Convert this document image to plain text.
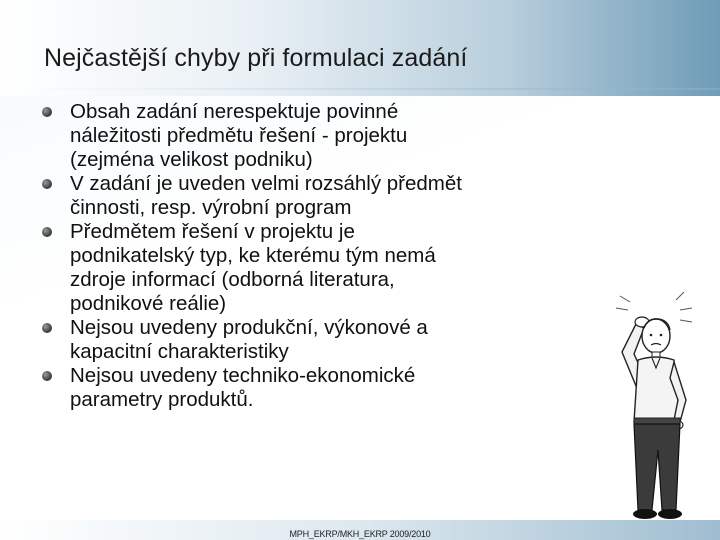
Nejčastější chyby při formulaci zadání
Obsah zadání nerespektuje povinné
náležitosti předmětu řešení - projektu
(zejména velikost podniku)
V zadání je uveden velmi rozsáhlý předmět
činnosti, resp. výrobní program
Předmětem řešení v projektu je
podnikatelský typ, ke kterému tým nemá
zdroje informací (odborná literatura,
podnikové reálie)
Nejsou uvedeny produkční, výkonové a
kapacitní charakteristiky
Nejsou uvedeny techniko-ekonomické
parametry produktů.
MPH_EKRP/MKH_EKRP 2009/2010
